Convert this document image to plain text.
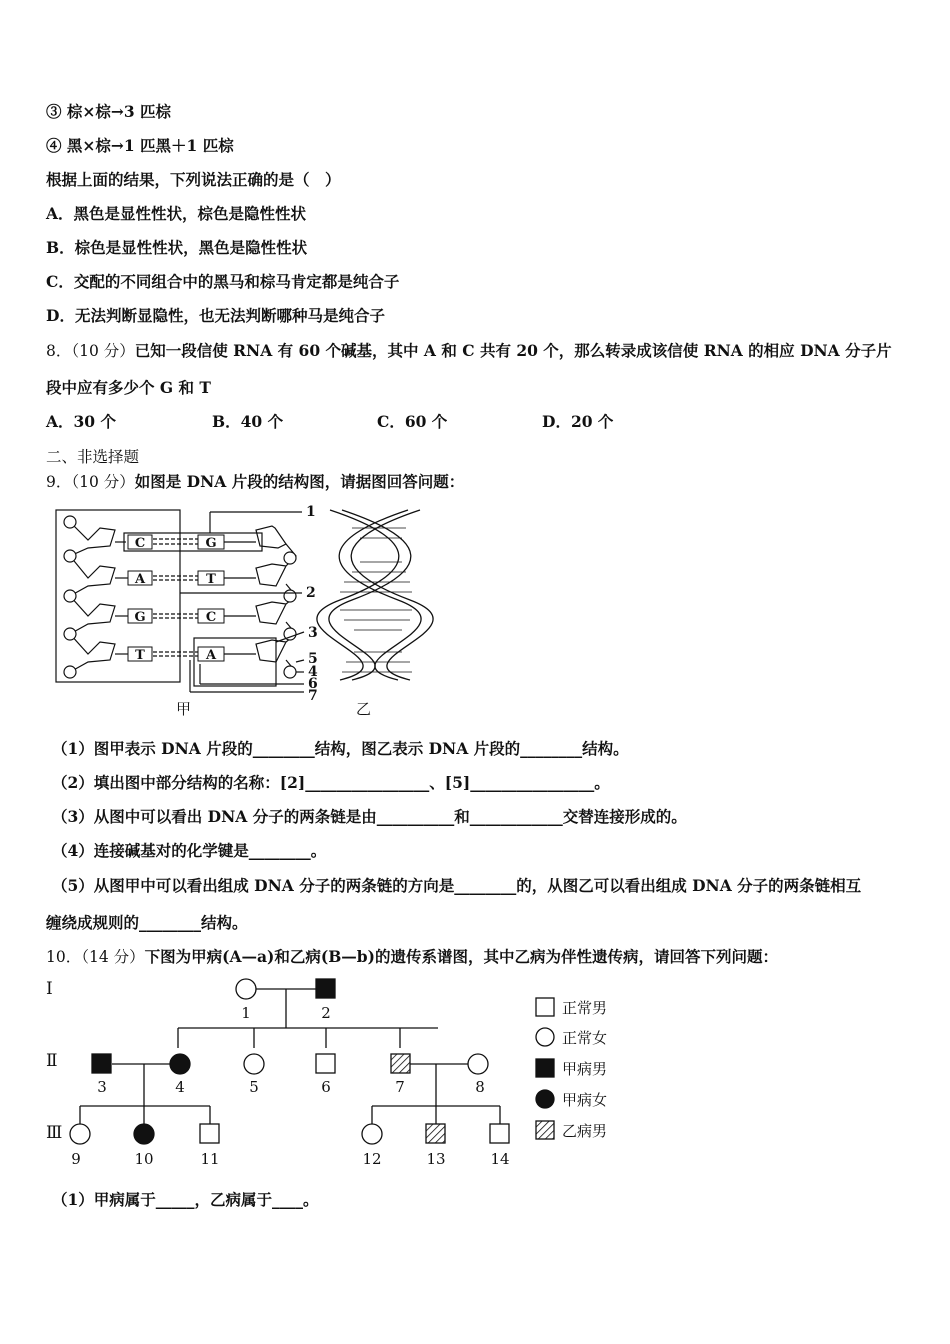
③ 棕×棕→3 匹棕
④ 黑×棕→1 匹黑＋1 匹棕
根据上面的结果，下列说法正确的是（　）
A．黑色是显性性状，棕色是隐性性状
B．棕色是显性性状，黑色是隐性性状
C．交配的不同组合中的黑马和棕马肯定都是纯合子
D．无法判断显隐性，也无法判断哪种马是纯合子
8．（10 分）已知一段信使 RNA 有 60 个碱基，其中 A 和 C 共有 20 个，那么转录成该信使 RNA 的相应 DNA 分子片
段中应有多少个 G 和 T
A．30 个	B．40 个	C．60 个	D．20 个
二、非选择题
9．（10 分）如图是 DNA 片段的结构图，请据图回答问题：
C	G
A	T
G	C
T	A
1
2
3
5
4
6
7
甲	乙
（1）图甲表示 DNA 片段的________结构，图乙表示 DNA 片段的________结构。
（2）填出图中部分结构的名称：[2]________________、[5]________________。
（3）从图中可以看出 DNA 分子的两条链是由__________和____________交替连接形成的。
（4）连接碱基对的化学键是________。
（5）从图甲中可以看出组成 DNA 分子的两条链的方向是________的，从图乙可以看出组成 DNA 分子的两条链相互
缠绕成规则的________结构。
10．（14 分）下图为甲病(A—a)和乙病(B—b)的遗传系谱图，其中乙病为伴性遗传病，请回答下列问题：
Ⅰ
Ⅱ
Ⅲ
1	2
3	4	5	6	7	8
9	10	11	12	13	14
正常男
正常女
甲病男
甲病女
乙病男
（1）甲病属于_____，乙病属于____。
